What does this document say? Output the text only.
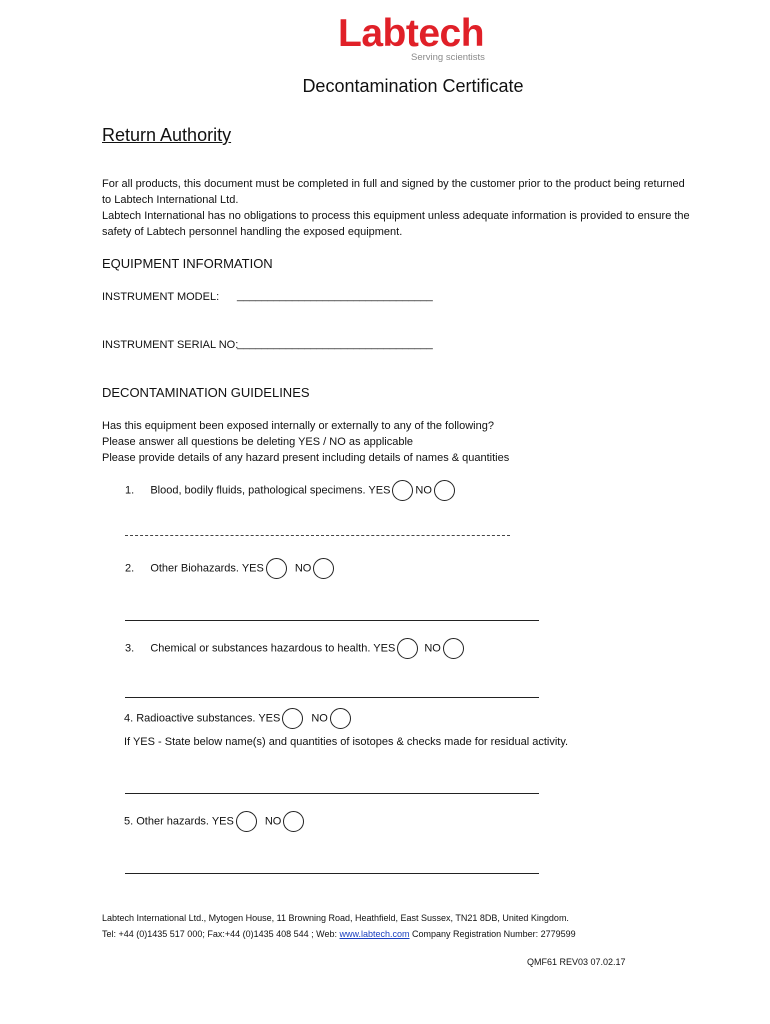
Labtech
Serving scientists
Decontamination Certificate
Return Authority
For all products, this document must be completed in full and signed by the customer prior to the product being returned
to Labtech International Ltd.
Labtech International has no obligations to process this equipment unless adequate information is provided to ensure the
safety of Labtech personnel handling the exposed equipment.
EQUIPMENT INFORMATION
INSTRUMENT MODEL: ________________________________
INSTRUMENT SERIAL NO:
________________________________
DECONTAMINATION GUIDELINES
Has this equipment been exposed internally or externally to any of the following?
Please answer all questions be deleting YES / NO as applicable
Please provide details of any hazard present including details of names & quantities
1. Blood, bodily fluids, pathological specimens. YES NO
2. Other Biohazards. YES	NO
3. Chemical or substances hazardous to health. YES	NO
4. Radioactive substances. YES	NO
If YES - State below name(s) and quantities of isotopes & checks made for residual activity.
5. Other hazards. YES	NO
Labtech International Ltd., Mytogen House, 11 Browning Road, Heathfield, East Sussex, TN21 8DB, United Kingdom.
Tel: +44 (0)1435 517 000; Fax:+44 (0)1435 408 544 ; Web: www.labtech.com Company Registration Number: 2779599
QMF61 REV03 07.02.17
